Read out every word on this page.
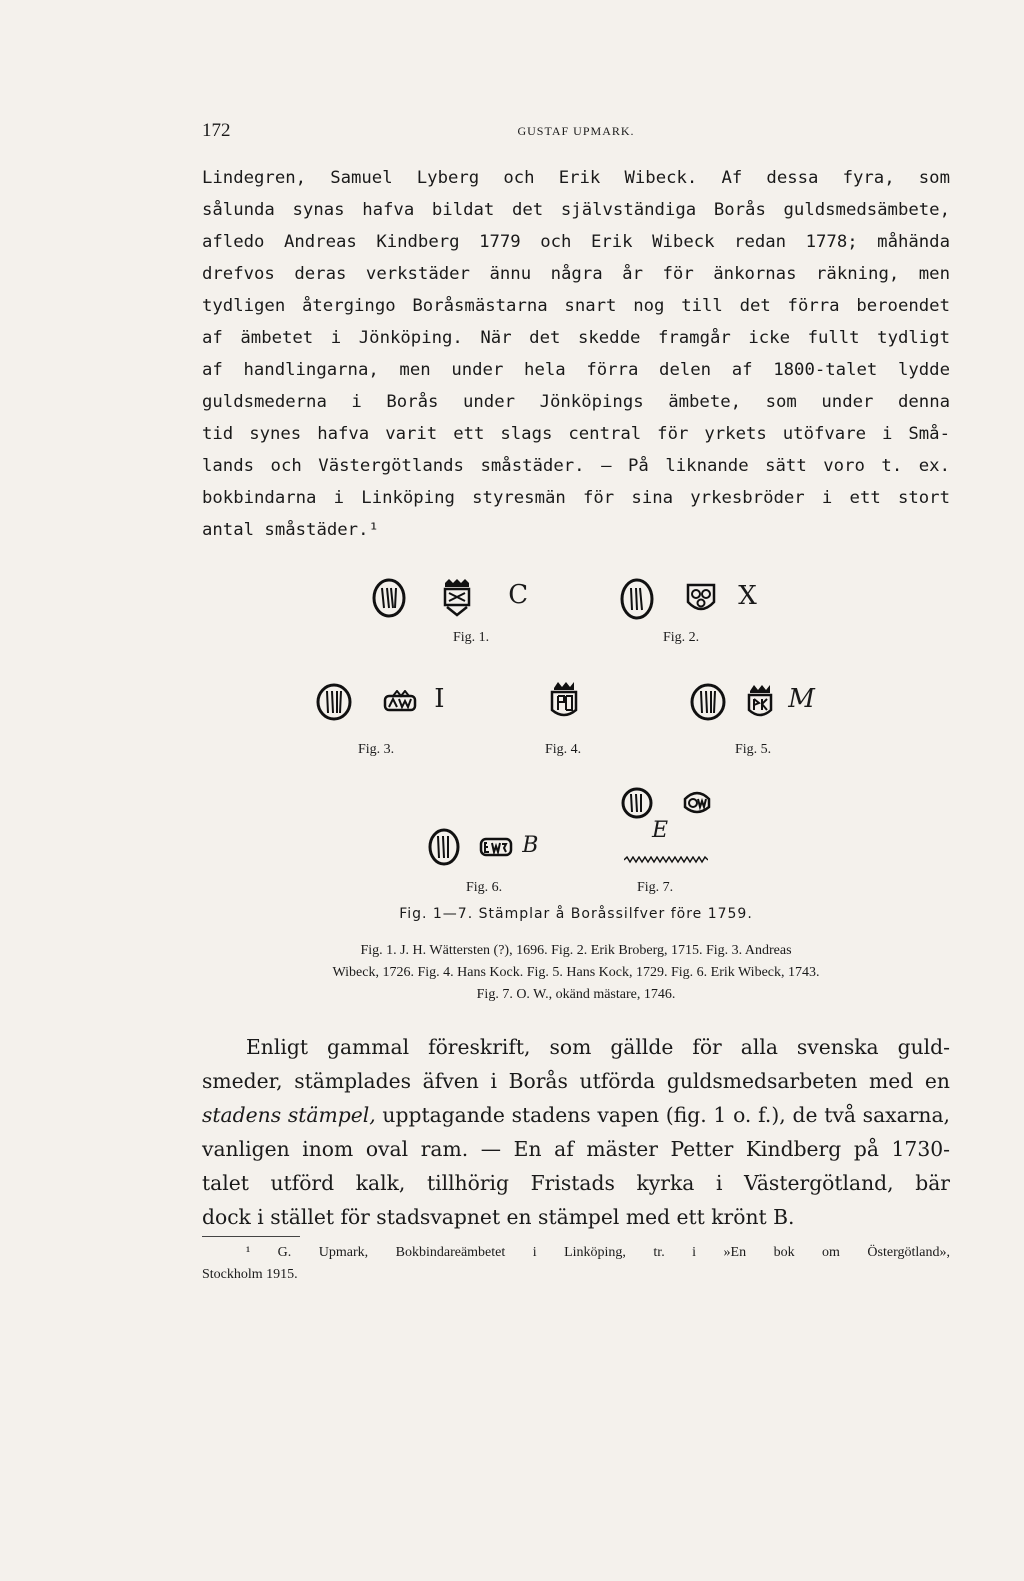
172	GUSTAF UPMARK.
Lindegren, Samuel Lyberg och Erik Wibeck. Af dessa fyra, som
sålunda synas hafva bildat det självständiga Borås guldsmedsämbete,
afledo Andreas Kindberg 1779 och Erik Wibeck redan 1778; måhända
drefvos deras verkstäder ännu några år för änkornas räkning, men
tydligen återgingo Boråsmästarna snart nog till det förra beroendet
af ämbetet i Jönköping. När det skedde framgår icke fullt tydligt
af handlingarna, men under hela förra delen af 1800-talet lydde
guldsmederna i Borås under Jönköpings ämbete, som under denna
tid synes hafva varit ett slags central för yrkets utöfvare i Små-
lands och Västergötlands småstäder. — På liknande sätt voro t. ex.
bokbindarna i Linköping styresmän för sina yrkesbröder i ett stort
antal småstäder.¹
C
Fig. 1.
X
Fig. 2.
I
Fig. 3.	Fig. 4.
M
Fig. 5.
B
Fig. 6.

E
Fig. 7.
Fig. 1—7. Stämplar å Boråssilfver före 1759.
Fig. 1. J. H. Wättersten (?), 1696. Fig. 2. Erik Broberg, 1715. Fig. 3. Andreas
Wibeck, 1726. Fig. 4. Hans Kock. Fig. 5. Hans Kock, 1729. Fig. 6. Erik Wibeck, 1743.
Fig. 7. O. W., okänd mästare, 1746.
Enligt gammal föreskrift, som gällde för alla svenska guld-
smeder, stämplades äfven i Borås utförda guldsmedsarbeten med en
stadens stämpel, upptagande stadens vapen (fig. 1 o. f.), de två saxarna,
vanligen inom oval ram. — En af mäster Petter Kindberg på 1730-
talet utförd kalk, tillhörig Fristads kyrka i Västergötland, bär
dock i stället för stadsvapnet en stämpel med ett krönt B.
¹ G. Upmark, Bokbindareämbetet i Linköping, tr. i »En bok om Östergötland»,
Stockholm 1915.
